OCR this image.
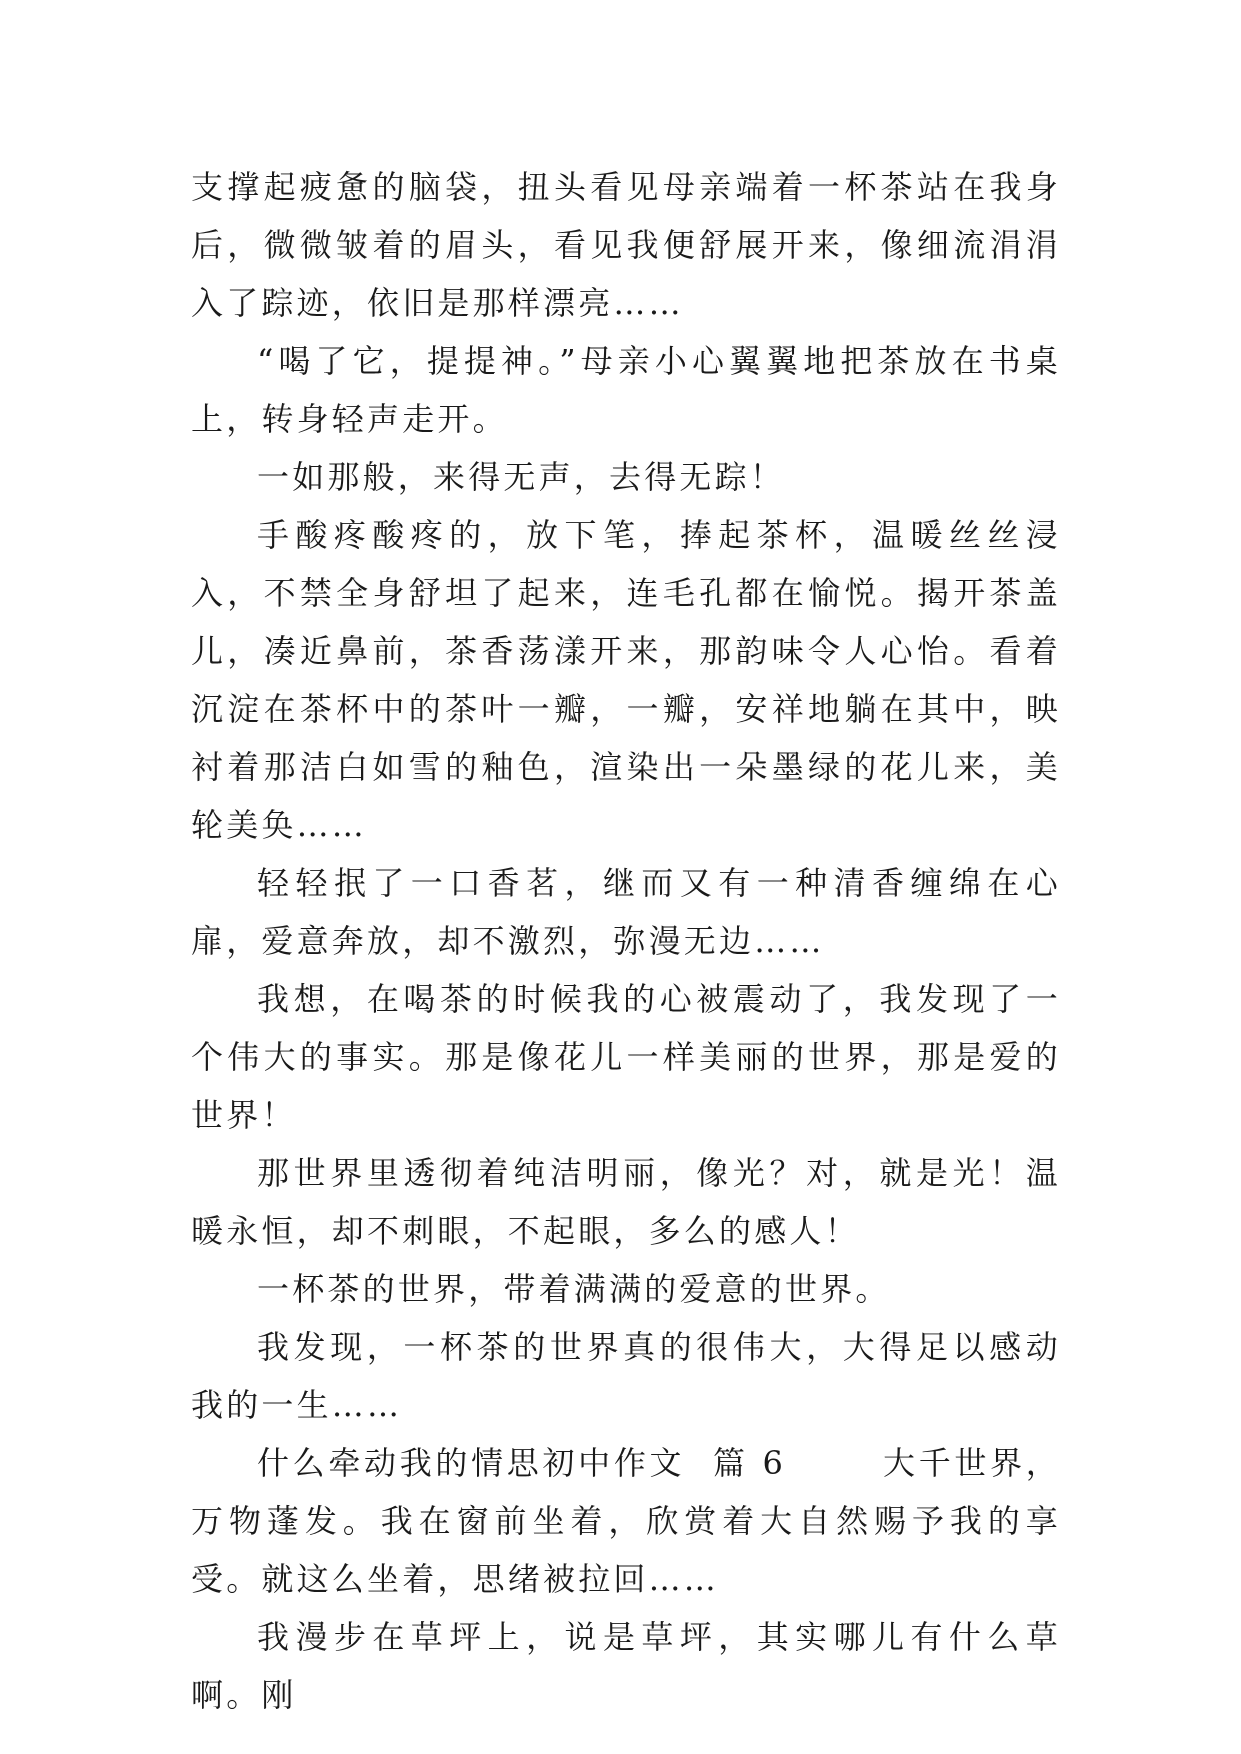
支撑起疲惫的脑袋，扭头看见母亲端着一杯茶站在我身后，微微皱着的眉头，看见我便舒展开来，像细流涓涓入了踪迹，依旧是那样漂亮……

“喝了它，提提神。”母亲小心翼翼地把茶放在书桌上，转身轻声走开。

一如那般，来得无声，去得无踪！

手酸疼酸疼的，放下笔，捧起茶杯，温暖丝丝浸入，不禁全身舒坦了起来，连毛孔都在愉悦。揭开茶盖儿，凑近鼻前，茶香荡漾开来，那韵味令人心怡。看着沉淀在茶杯中的茶叶一瓣，一瓣，安祥地躺在其中，映衬着那洁白如雪的釉色，渲染出一朵墨绿的花儿来，美轮美奂……

轻轻抿了一口香茗，继而又有一种清香缠绵在心扉，爱意奔放，却不激烈，弥漫无边……

我想，在喝茶的时候我的心被震动了，我发现了一个伟大的事实。那是像花儿一样美丽的世界，那是爱的世界！

那世界里透彻着纯洁明丽，像光？对，就是光！温暖永恒，却不刺眼，不起眼，多么的感人！

一杯茶的世界，带着满满的爱意的世界。

我发现，一杯茶的世界真的很伟大，大得足以感动我的一生……

什么牵动我的情思初中作文  篇 6       大千世界，万物蓬发。我在窗前坐着，欣赏着大自然赐予我的享受。就这么坐着，思绪被拉回……

我漫步在草坪上，说是草坪，其实哪儿有什么草啊。刚
